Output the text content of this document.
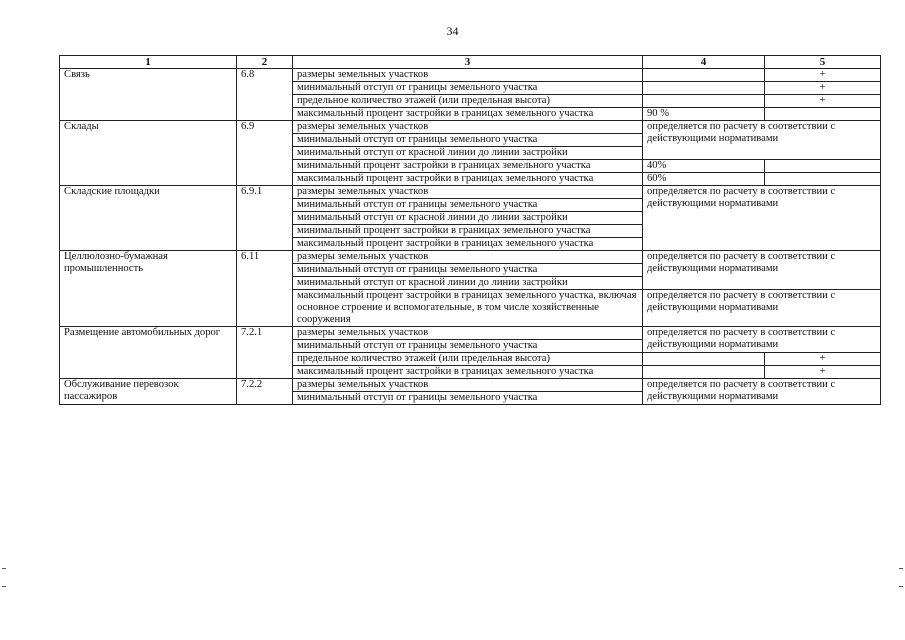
34
1	2	3	4	5
Связь	6.8	размеры земельных участков		+
		минимальный отступ от границы земельного участка		+
		предельное количество этажей (или предельная высота)		+
		максимальный процент застройки в границах земельного участка	90 %	
Склады	6.9	размеры земельных участков	определяется по расчету в соответствии с действующими нормативами	
		минимальный отступ от границы земельного участка		
		минимальный отступ от красной линии до линии застройки		
		минимальный процент застройки в границах земельного участка	40%	
		максимальный процент застройки в границах земельного участка	60%	
Складские площадки	6.9.1	размеры земельных участков	определяется по расчету в соответствии с действующими нормативами	
		минимальный отступ от границы земельного участка		
		минимальный отступ от красной линии до линии застройки		
		минимальный процент застройки в границах земельного участка		
		максимальный процент застройки в границах земельного участка		
Целлюлозно-бумажная промышленность	6.11	размеры земельных участков	определяется по расчету в соответствии с действующими нормативами	
		минимальный отступ от границы земельного участка		
		минимальный отступ от красной линии до линии застройки		
		максимальный процент застройки в границах земельного участка, включая основное строение и вспомогательные, в том числе хозяйственные сооружения	определяется по расчету в соответствии с действующими нормативами	
Размещение автомобильных дорог	7.2.1	размеры земельных участков	определяется по расчету в соответствии с действующими нормативами	
		минимальный отступ от границы земельного участка		
		предельное количество этажей (или предельная высота)		+
		максимальный процент застройки в границах земельного участка		+
Обслуживание перевозок пассажиров	7.2.2	размеры земельных участков	определяется по расчету в соответствии с действующими нормативами	
		минимальный отступ от границы земельного участка		
